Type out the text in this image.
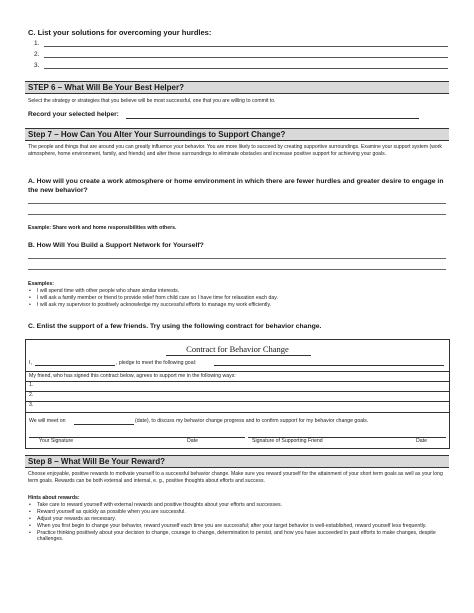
C. List your solutions for overcoming your hurdles:
1.
2.
3.
STEP 6 – What Will Be Your Best Helper?
Select the strategy or strategies that you believe will be most successful, one that you are willing to commit to.
Record your selected helper:
Step 7 – How Can You Alter Your Surroundings to Support Change?
The people and things that are around you can greatly influence your behavior. You are more likely to succeed by creating supportive surroundings. Examine your support system (work atmosphere, home environment, family, and friends) and alter these surroundings to eliminate obstacles and increase positive support for achieving your goals.
A. How will you create a work atmosphere or home environment in which there are fewer hurdles and greater desire to engage in the new behavior?
Example: Share work and home responsibilities with others.
B. How Will You Build a Support Network for Yourself?
Examples:
• I will spend time with other people who share similar interests.
• I will ask a family member or friend to provide relief from child care so I have time for relaxation each day.
• I will ask my supervisor to positively acknowledge my successful efforts to manage my work efficiently.
C. Enlist the support of a few friends. Try using the following contract for behavior change.
Contract for Behavior Change
I,	, pledge to meet the following goal:
My friend, who has signed this contract below, agrees to support me in the following ways:
1.
2.
3.
We will meet on	(date), to discuss my behavior change progress and to confirm support for my behavior change goals.
Your Signature	Date	Signature of Supporting Friend	Date
Step 8 – What Will Be Your Reward?
Choose enjoyable, positive rewards to motivate yourself to a successful behavior change. Make sure you reward yourself for the attainment of your short term goals as well as your long term goals. Rewards can be both external and internal, e. g., positive thoughts about efforts and success.
Hints about rewards:
• Take care to reward yourself with external rewards and positive thoughts about your efforts and successes.
• Reward yourself as quickly as possible when you are successful.
• Adjust your rewards as necessary.
• When you first begin to change your behavior, reward yourself each time you are successful; after your target behavior is well-established, reward yourself less frequently.
• Practice thinking positively about your decision to change, courage to change, determination to persist, and how you have succeeded in past efforts to make changes, despite challenges.
